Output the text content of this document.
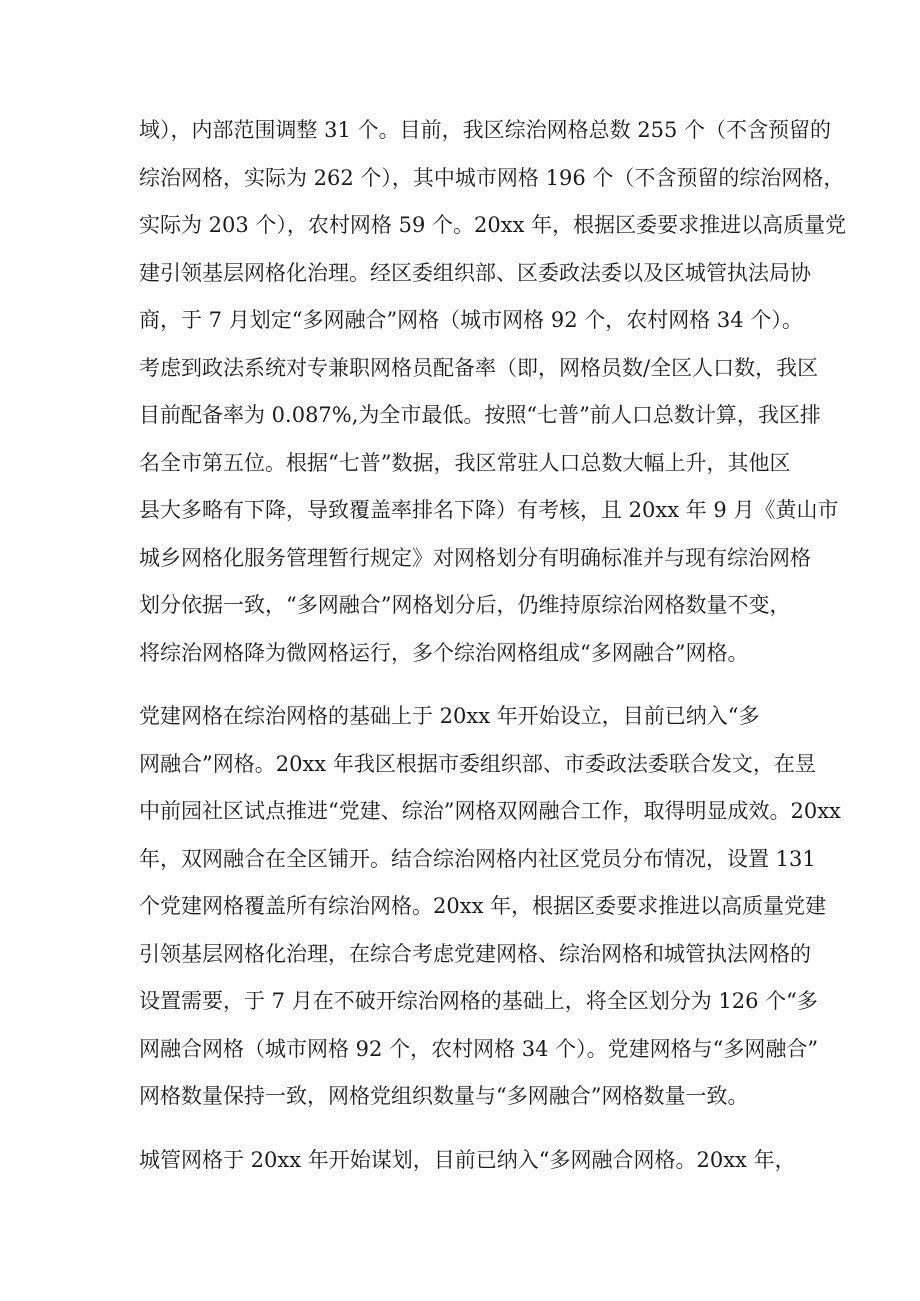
域），内部范围调整 31 个。目前，我区综治网格总数 255 个（不含预留的
综治网格，实际为 262 个），其中城市网格 196 个（不含预留的综治网格，
实际为 203 个），农村网格 59 个。20xx 年，根据区委要求推进以高质量党
建引领基层网格化治理。经区委组织部、区委政法委以及区城管执法局协
商，于 7 月划定“多网融合”网格（城市网格 92 个，农村网格 34 个）。
考虑到政法系统对专兼职网格员配备率（即，网格员数/全区人口数，我区
目前配备率为 0.087%,为全市最低。按照“七普”前人口总数计算，我区排
名全市第五位。根据“七普”数据，我区常驻人口总数大幅上升，其他区
县大多略有下降，导致覆盖率排名下降）有考核，且 20xx 年 9 月《黄山市
城乡网格化服务管理暂行规定》对网格划分有明确标准并与现有综治网格
划分依据一致，“多网融合”网格划分后，仍维持原综治网格数量不变，
将综治网格降为微网格运行，多个综治网格组成“多网融合”网格。

党建网格在综治网格的基础上于 20xx 年开始设立，目前已纳入“多
网融合”网格。20xx 年我区根据市委组织部、市委政法委联合发文，在昱
中前园社区试点推进“党建、综治”网格双网融合工作，取得明显成效。20xx
年，双网融合在全区铺开。结合综治网格内社区党员分布情况，设置 131
个党建网格覆盖所有综治网格。20xx 年，根据区委要求推进以高质量党建
引领基层网格化治理，在综合考虑党建网格、综治网格和城管执法网格的
设置需要，于 7 月在不破开综治网格的基础上，将全区划分为 126 个“多
网融合网格（城市网格 92 个，农村网格 34 个）。党建网格与“多网融合”
网格数量保持一致，网格党组织数量与“多网融合”网格数量一致。

城管网格于 20xx 年开始谋划，目前已纳入“多网融合网格。20xx 年，
